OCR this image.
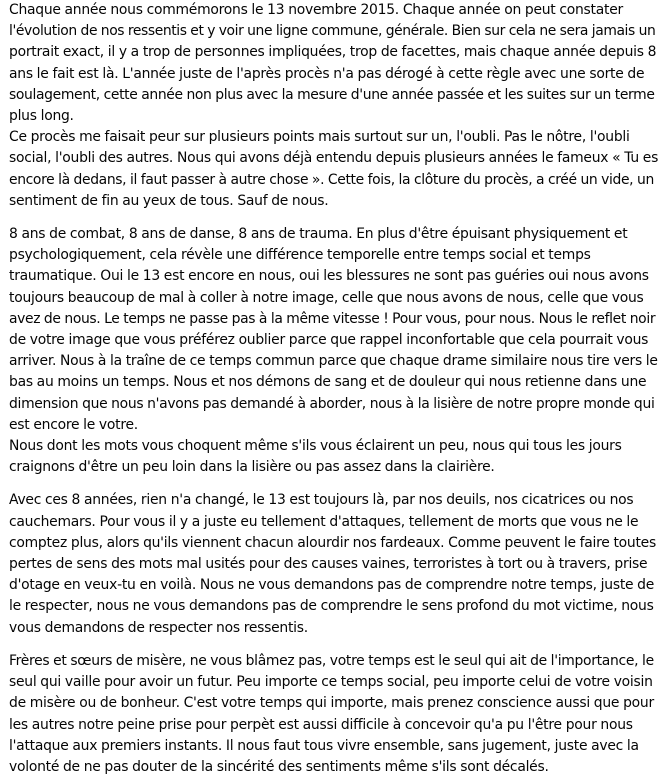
Chaque année nous commémorons le 13 novembre 2015. Chaque année on peut constater
l'évolution de nos ressentis et y voir une ligne commune, générale. Bien sur cela ne sera jamais un
portrait exact, il y a trop de personnes impliquées, trop de facettes, mais chaque année depuis 8
ans le fait est là. L'année juste de l'après procès n'a pas dérogé à cette règle avec une sorte de
soulagement, cette année non plus avec la mesure d'une année passée et les suites sur un terme
plus long.

Ce procès me faisait peur sur plusieurs points mais surtout sur un, l'oubli. Pas le nôtre, l'oubli
social, l'oubli des autres. Nous qui avons déjà entendu depuis plusieurs années le fameux « Tu es
encore là dedans, il faut passer à autre chose ». Cette fois, la clôture du procès, a créé un vide, un
sentiment de fin au yeux de tous. Sauf de nous.

8 ans de combat, 8 ans de danse, 8 ans de trauma. En plus d'être épuisant physiquement et
psychologiquement, cela révèle une différence temporelle entre temps social et temps
traumatique. Oui le 13 est encore en nous, oui les blessures ne sont pas guéries oui nous avons
toujours beaucoup de mal à coller à notre image, celle que nous avons de nous, celle que vous
avez de nous. Le temps ne passe pas à la même vitesse ! Pour vous, pour nous. Nous le reflet noir
de votre image que vous préférez oublier parce que rappel inconfortable que cela pourrait vous
arriver. Nous à la traîne de ce temps commun parce que chaque drame similaire nous tire vers le
bas au moins un temps. Nous et nos démons de sang et de douleur qui nous retienne dans une
dimension que nous n'avons pas demandé à aborder, nous à la lisière de notre propre monde qui
est encore le votre.

Nous dont les mots vous choquent même s'ils vous éclairent un peu, nous qui tous les jours
craignons d'être un peu loin dans la lisière ou pas assez dans la clairière.

Avec ces 8 années, rien n'a changé, le 13 est toujours là, par nos deuils, nos cicatrices ou nos
cauchemars. Pour vous il y a juste eu tellement d'attaques, tellement de morts que vous ne le
comptez plus, alors qu'ils viennent chacun alourdir nos fardeaux. Comme peuvent le faire toutes
pertes de sens des mots mal usités pour des causes vaines, terroristes à tort ou à travers, prise
d'otage en veux-tu en voilà. Nous ne vous demandons pas de comprendre notre temps, juste de
le respecter, nous ne vous demandons pas de comprendre le sens profond du mot victime, nous
vous demandons de respecter nos ressentis.

Frères et sœurs de misère, ne vous blâmez pas, votre temps est le seul qui ait de l'importance, le
seul qui vaille pour avoir un futur. Peu importe ce temps social, peu importe celui de votre voisin
de misère ou de bonheur. C'est votre temps qui importe, mais prenez conscience aussi que pour
les autres notre peine prise pour perpèt est aussi difficile à concevoir qu'a pu l'être pour nous
l'attaque aux premiers instants. Il nous faut tous vivre ensemble, sans jugement, juste avec la
volonté de ne pas douter de la sincérité des sentiments même s'ils sont décalés.
